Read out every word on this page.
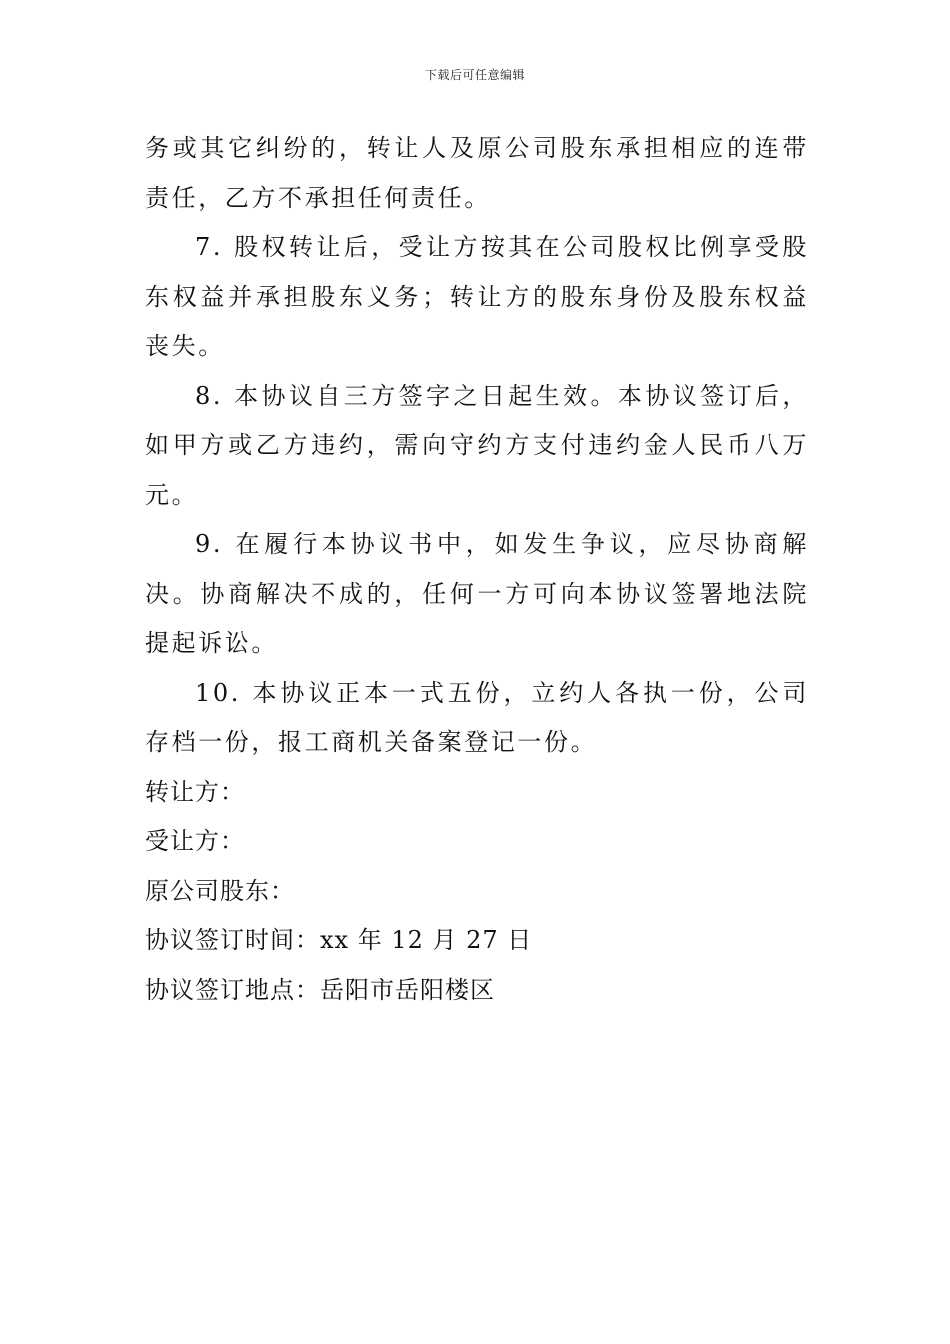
下载后可任意编辑

务或其它纠纷的，转让人及原公司股东承担相应的连带责任，乙方不承担任何责任。

7. 股权转让后，受让方按其在公司股权比例享受股东权益并承担股东义务；转让方的股东身份及股东权益丧失。

8. 本协议自三方签字之日起生效。本协议签订后，如甲方或乙方违约，需向守约方支付违约金人民币八万元。

9. 在履行本协议书中，如发生争议，应尽协商解决。协商解决不成的，任何一方可向本协议签署地法院提起诉讼。

10. 本协议正本一式五份，立约人各执一份，公司存档一份，报工商机关备案登记一份。

转让方：

受让方：

原公司股东：

协议签订时间：xx 年 12 月 27 日

协议签订地点：岳阳市岳阳楼区
